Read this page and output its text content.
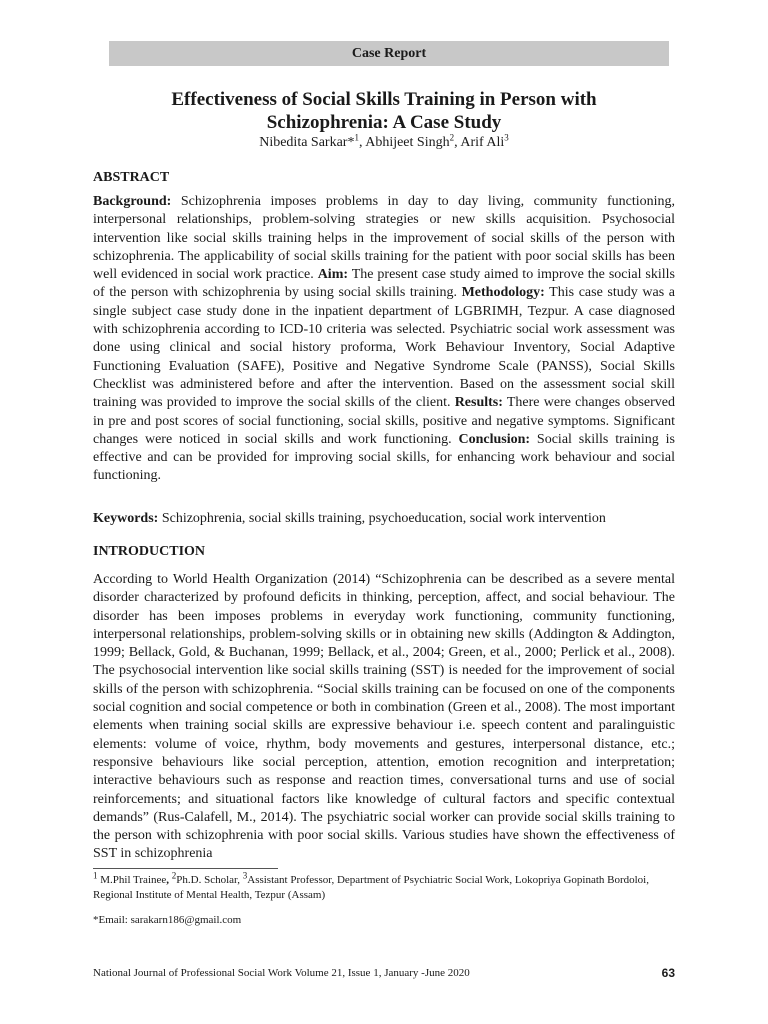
Case Report
Effectiveness of Social Skills Training in Person with
Schizophrenia: A Case Study
Nibedita Sarkar*$^1$, Abhijeet Singh$^2$, Arif Ali$^3$
ABSTRACT
Background: Schizophrenia imposes problems in day to day living, community functioning, interpersonal relationships, problem-solving strategies or new skills acquisition. Psychosocial intervention like social skills training helps in the improvement of social skills of the person with schizophrenia. The applicability of social skills training for the patient with poor social skills has been well evidenced in social work practice. Aim: The present case study aimed to improve the social skills of the person with schizophrenia by using social skills training. Methodology: This case study was a single subject case study done in the inpatient department of LGBRIMH, Tezpur. A case diagnosed with schizophrenia according to ICD-10 criteria was selected. Psychiatric social work assessment was done using clinical and social history proforma, Work Behaviour Inventory, Social Adaptive Functioning Evaluation (SAFE), Positive and Negative Syndrome Scale (PANSS), Social Skills Checklist was administered before and after the intervention. Based on the assessment social skill training was provided to improve the social skills of the client. Results: There were changes observed in pre and post scores of social functioning, social skills, positive and negative symptoms. Significant changes were noticed in social skills and work functioning. Conclusion: Social skills training is effective and can be provided for improving social skills, for enhancing work behaviour and social functioning.
Keywords: Schizophrenia, social skills training, psychoeducation, social work intervention
INTRODUCTION
According to World Health Organization (2014) “Schizophrenia can be described as a severe mental disorder characterized by profound deficits in thinking, perception, affect, and social behaviour. The disorder has been imposes problems in everyday work functioning, community functioning, interpersonal relationships, problem-solving skills or in obtaining new skills (Addington & Addington, 1999; Bellack, Gold, & Buchanan, 1999; Bellack, et al., 2004; Green, et al., 2000; Perlick et al., 2008). The psychosocial intervention like social skills training (SST) is needed for the improvement of social skills of the person with schizophrenia. “Social skills training can be focused on one of the components social cognition and social competence or both in combination (Green et al., 2008). The most important elements when training social skills are expressive behaviour i.e. speech content and paralinguistic elements: volume of voice, rhythm, body movements and gestures, interpersonal distance, etc.; responsive behaviours like social perception, attention, emotion recognition and interpretation; interactive behaviours such as response and reaction times, conversational turns and use of social reinforcements; and situational factors like knowledge of cultural factors and specific contextual demands” (Rus-Calafell, M., 2014). The psychiatric social worker can provide social skills training to the person with schizophrenia with poor social skills. Various studies have shown the effectiveness of SST in schizophrenia
$^1$ M.Phil Trainee, $^2$Ph.D. Scholar, $^3$Assistant Professor, Department of Psychiatric Social Work, Lokopriya Gopinath Bordoloi, Regional Institute of Mental Health, Tezpur (Assam)
*Email: sarakarn186@gmail.com
National Journal of Professional Social Work Volume 21, Issue 1, January -June 2020	63
